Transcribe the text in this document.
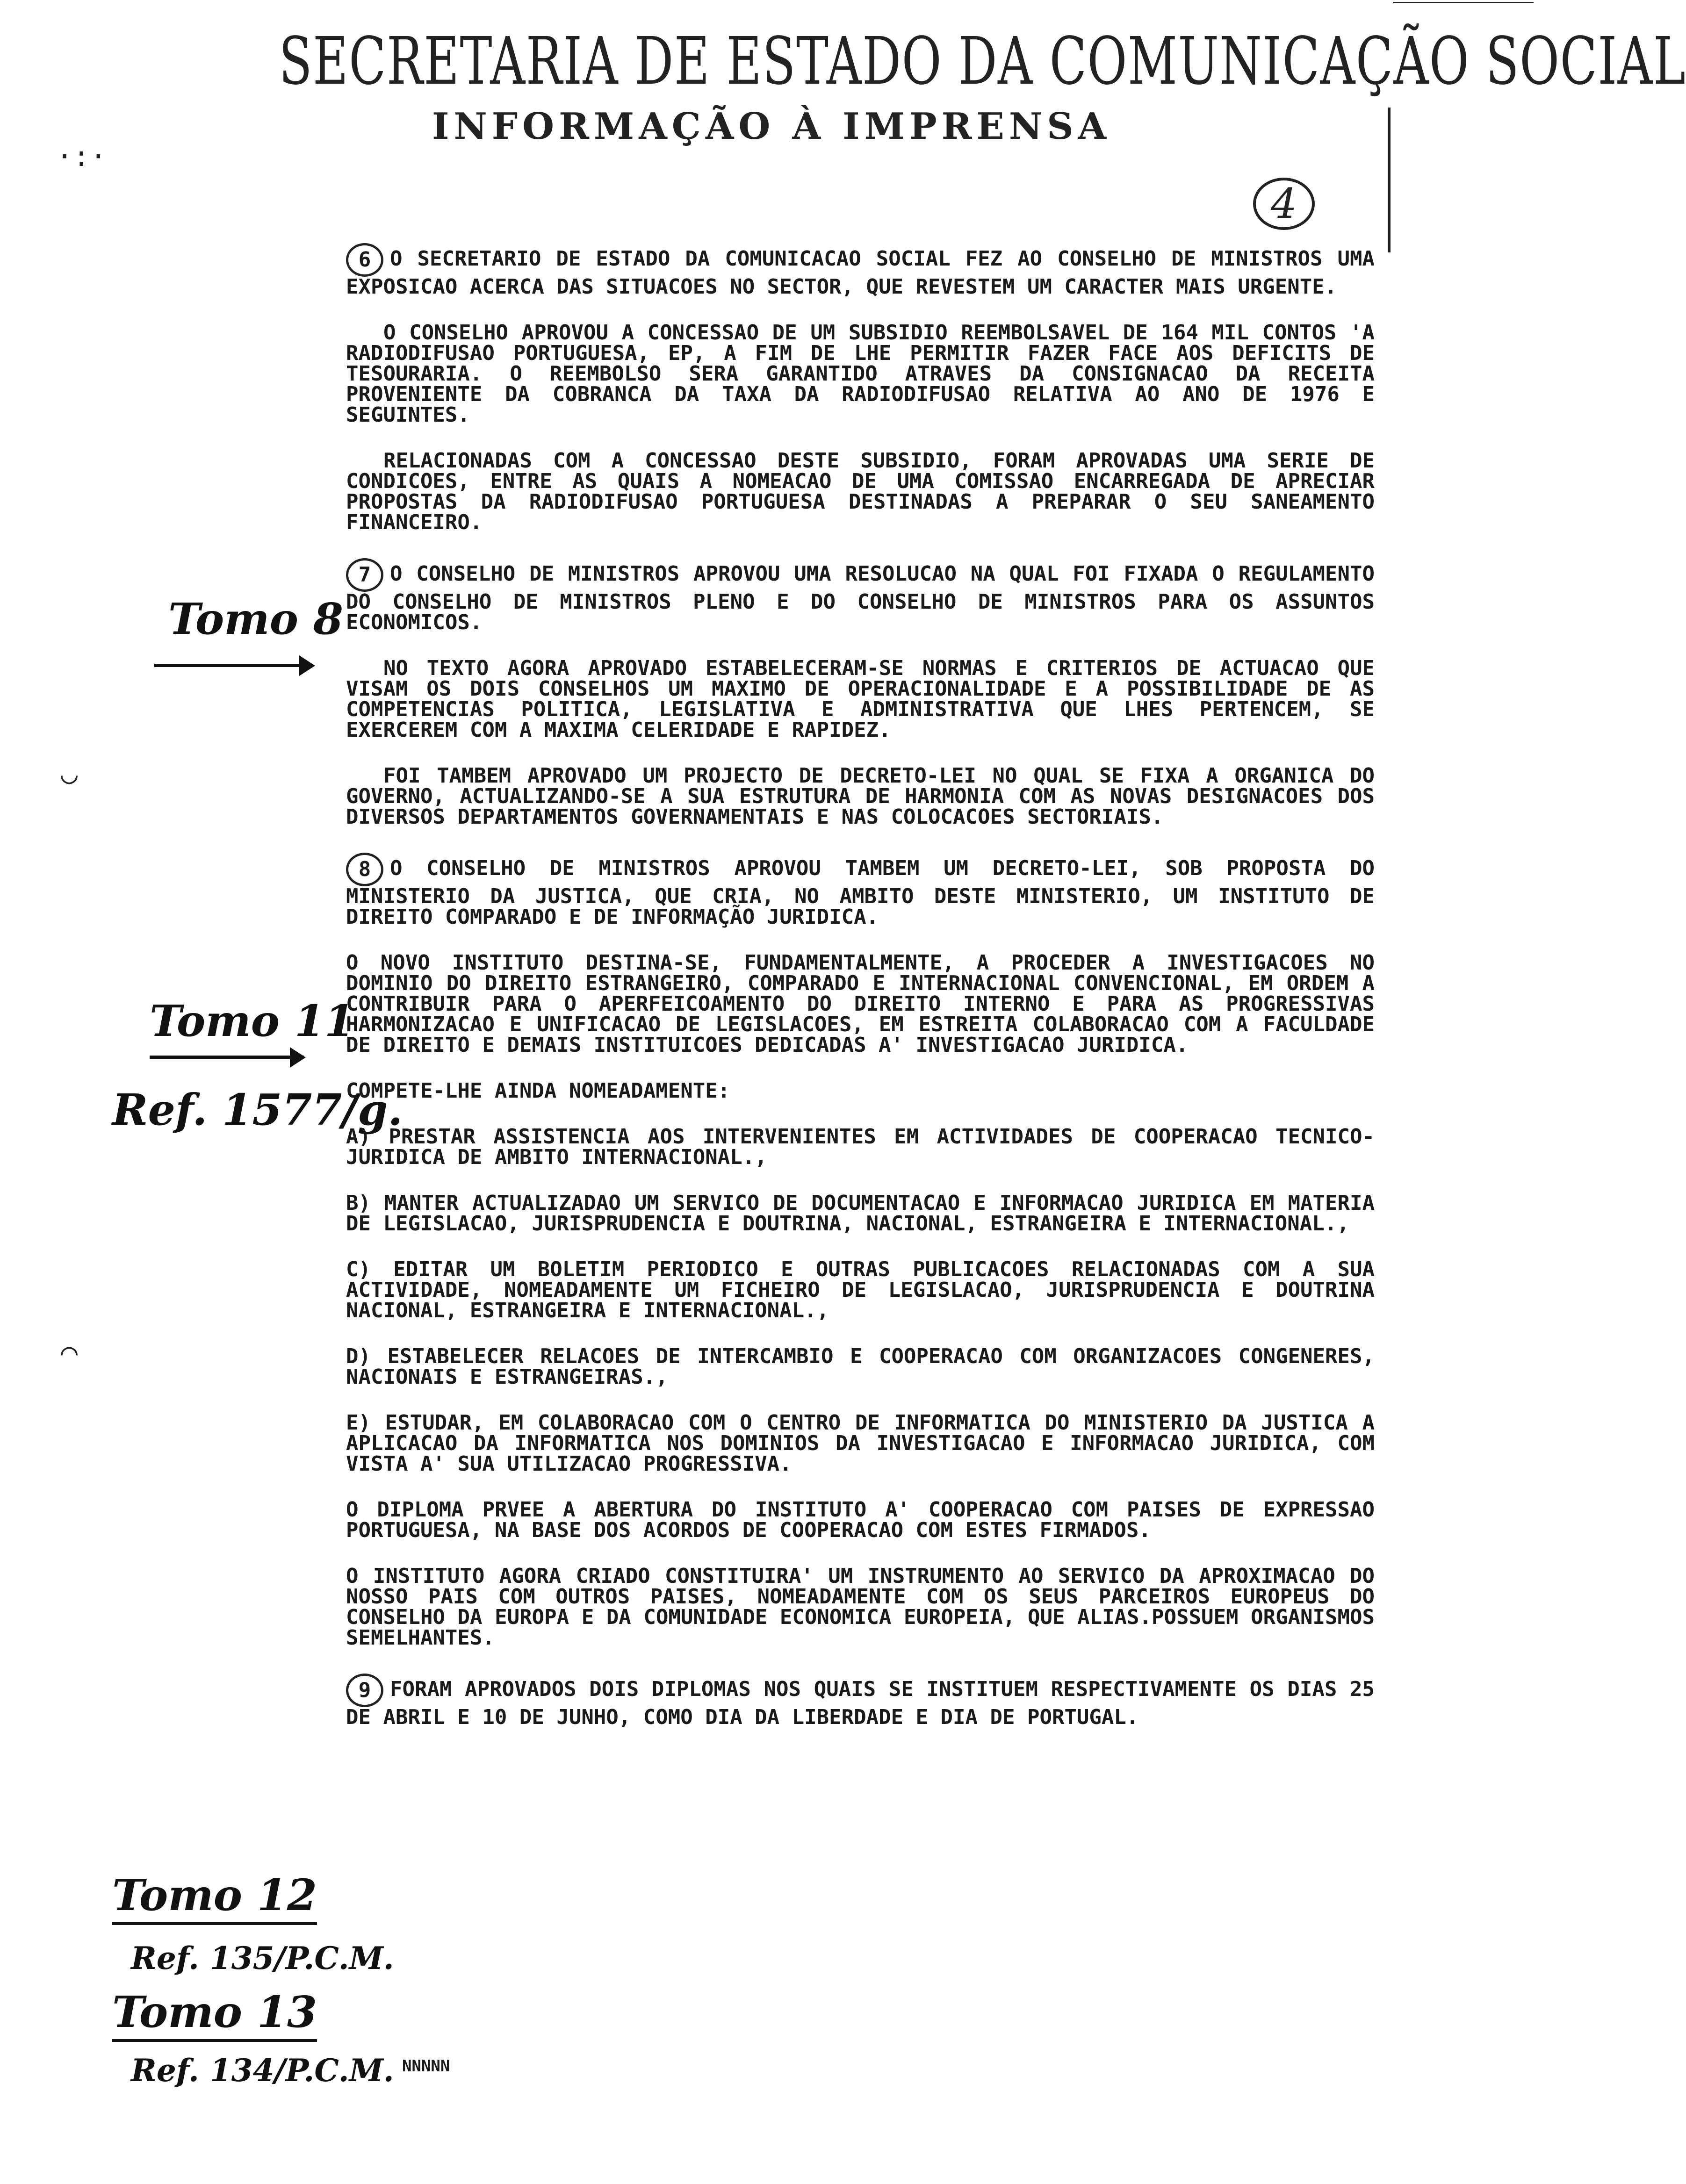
SECRETARIA DE ESTADO DA COMUNICAÇÃO SOCIAL
INFORMAÇÃO À IMPRENSA
4
·:·
◡
◠

6 O SECRETARIO DE ESTADO DA COMUNICACAO SOCIAL FEZ AO CONSELHO DE MINISTROS UMA EXPOSICAO ACERCA DAS SITUACOES NO SECTOR, QUE REVESTEM UM CARACTER MAIS URGENTE.

O CONSELHO APROVOU A CONCESSAO DE UM SUBSIDIO REEMBOLSAVEL DE 164 MIL CONTOS 'A RADIODIFUSAO PORTUGUESA, EP, A FIM DE LHE PERMITIR FAZER FACE AOS DEFICITS DE TESOURARIA. O REEMBOLSO SERA GARANTIDO ATRAVES DA CONSIGNACAO DA RECEITA PROVENIENTE DA COBRANCA DA TAXA DA RADIODIFUSAO RELATIVA AO ANO DE 1976 E SEGUINTES.

RELACIONADAS COM A CONCESSAO DESTE SUBSIDIO, FORAM APROVADAS UMA SERIE DE CONDICOES, ENTRE AS QUAIS A NOMEACAO DE UMA COMISSAO ENCARREGADA DE APRECIAR PROPOSTAS DA RADIODIFUSAO PORTUGUESA DESTINADAS A PREPARAR O SEU SANEAMENTO FINANCEIRO.

7 O CONSELHO DE MINISTROS APROVOU UMA RESOLUCAO NA QUAL FOI FIXADA O REGULAMENTO DO CONSELHO DE MINISTROS PLENO E DO CONSELHO DE MINISTROS PARA OS ASSUNTOS ECONOMICOS.

NO TEXTO AGORA APROVADO ESTABELECERAM-SE NORMAS E CRITERIOS DE ACTUACAO QUE VISAM OS DOIS CONSELHOS UM MAXIMO DE OPERACIONALIDADE E A POSSIBILIDADE DE AS COMPETENCIAS POLITICA, LEGISLATIVA E ADMINISTRATIVA QUE LHES PERTENCEM, SE EXERCEREM COM A MAXIMA CELERIDADE E RAPIDEZ.

FOI TAMBEM APROVADO UM PROJECTO DE DECRETO-LEI NO QUAL SE FIXA A ORGANICA DO GOVERNO, ACTUALIZANDO-SE A SUA ESTRUTURA DE HARMONIA COM AS NOVAS DESIGNACOES DOS DIVERSOS DEPARTAMENTOS GOVERNAMENTAIS E NAS COLOCACOES SECTORIAIS.

8 O CONSELHO DE MINISTROS APROVOU TAMBEM UM DECRETO-LEI, SOB PROPOSTA DO MINISTERIO DA JUSTICA, QUE CRIA, NO AMBITO DESTE MINISTERIO, UM INSTITUTO DE DIREITO COMPARADO E DE INFORMAÇÃO JURIDICA.

O NOVO INSTITUTO DESTINA-SE, FUNDAMENTALMENTE, A PROCEDER A INVESTIGACOES NO DOMINIO DO DIREITO ESTRANGEIRO, COMPARADO E INTERNACIONAL CONVENCIONAL, EM ORDEM A CONTRIBUIR PARA O APERFEICOAMENTO DO DIREITO INTERNO E PARA AS PROGRESSIVAS HARMONIZACAO E UNIFICACAO DE LEGISLACOES, EM ESTREITA COLABORACAO COM A FACULDADE DE DIREITO E DEMAIS INSTITUICOES DEDICADAS A' INVESTIGACAO JURIDICA.

COMPETE-LHE AINDA NOMEADAMENTE:

A) PRESTAR ASSISTENCIA AOS INTERVENIENTES EM ACTIVIDADES DE COOPERACAO TECNICO-JURIDICA DE AMBITO INTERNACIONAL.,

B) MANTER ACTUALIZADAO UM SERVICO DE DOCUMENTACAO E INFORMACAO JURIDICA EM MATERIA DE LEGISLACAO, JURISPRUDENCIA E DOUTRINA, NACIONAL, ESTRANGEIRA E INTERNACIONAL.,

C) EDITAR UM BOLETIM PERIODICO E OUTRAS PUBLICACOES RELACIONADAS COM A SUA ACTIVIDADE, NOMEADAMENTE UM FICHEIRO DE LEGISLACAO, JURISPRUDENCIA E DOUTRINA NACIONAL, ESTRANGEIRA E INTERNACIONAL.,

D) ESTABELECER RELACOES DE INTERCAMBIO E COOPERACAO COM ORGANIZACOES CONGENERES, NACIONAIS E ESTRANGEIRAS.,

E) ESTUDAR, EM COLABORACAO COM O CENTRO DE INFORMATICA DO MINISTERIO DA JUSTICA A APLICACAO DA INFORMATICA NOS DOMINIOS DA INVESTIGACAO E INFORMACAO JURIDICA, COM VISTA A' SUA UTILIZACAO PROGRESSIVA.

O DIPLOMA PRVEE A ABERTURA DO INSTITUTO A' COOPERACAO COM PAISES DE EXPRESSAO PORTUGUESA, NA BASE DOS ACORDOS DE COOPERACAO COM ESTES FIRMADOS.

O INSTITUTO AGORA CRIADO CONSTITUIRA' UM INSTRUMENTO AO SERVICO DA APROXIMACAO DO NOSSO PAIS COM OUTROS PAISES, NOMEADAMENTE COM OS SEUS PARCEIROS EUROPEUS DO CONSELHO DA EUROPA E DA COMUNIDADE ECONOMICA EUROPEIA, QUE ALIAS.POSSUEM ORGANISMOS SEMELHANTES.

9 FORAM APROVADOS DOIS DIPLOMAS NOS QUAIS SE INSTITUEM RESPECTIVAMENTE OS DIAS 25 DE ABRIL E 10 DE JUNHO, COMO DIA DA LIBERDADE E DIA DE PORTUGAL.

Tomo 8
Tomo 11
Ref. 1577/g.
Tomo 12
Ref. 135/P.C.M.
Tomo 13
Ref. 134/P.C.M. NNNNN
